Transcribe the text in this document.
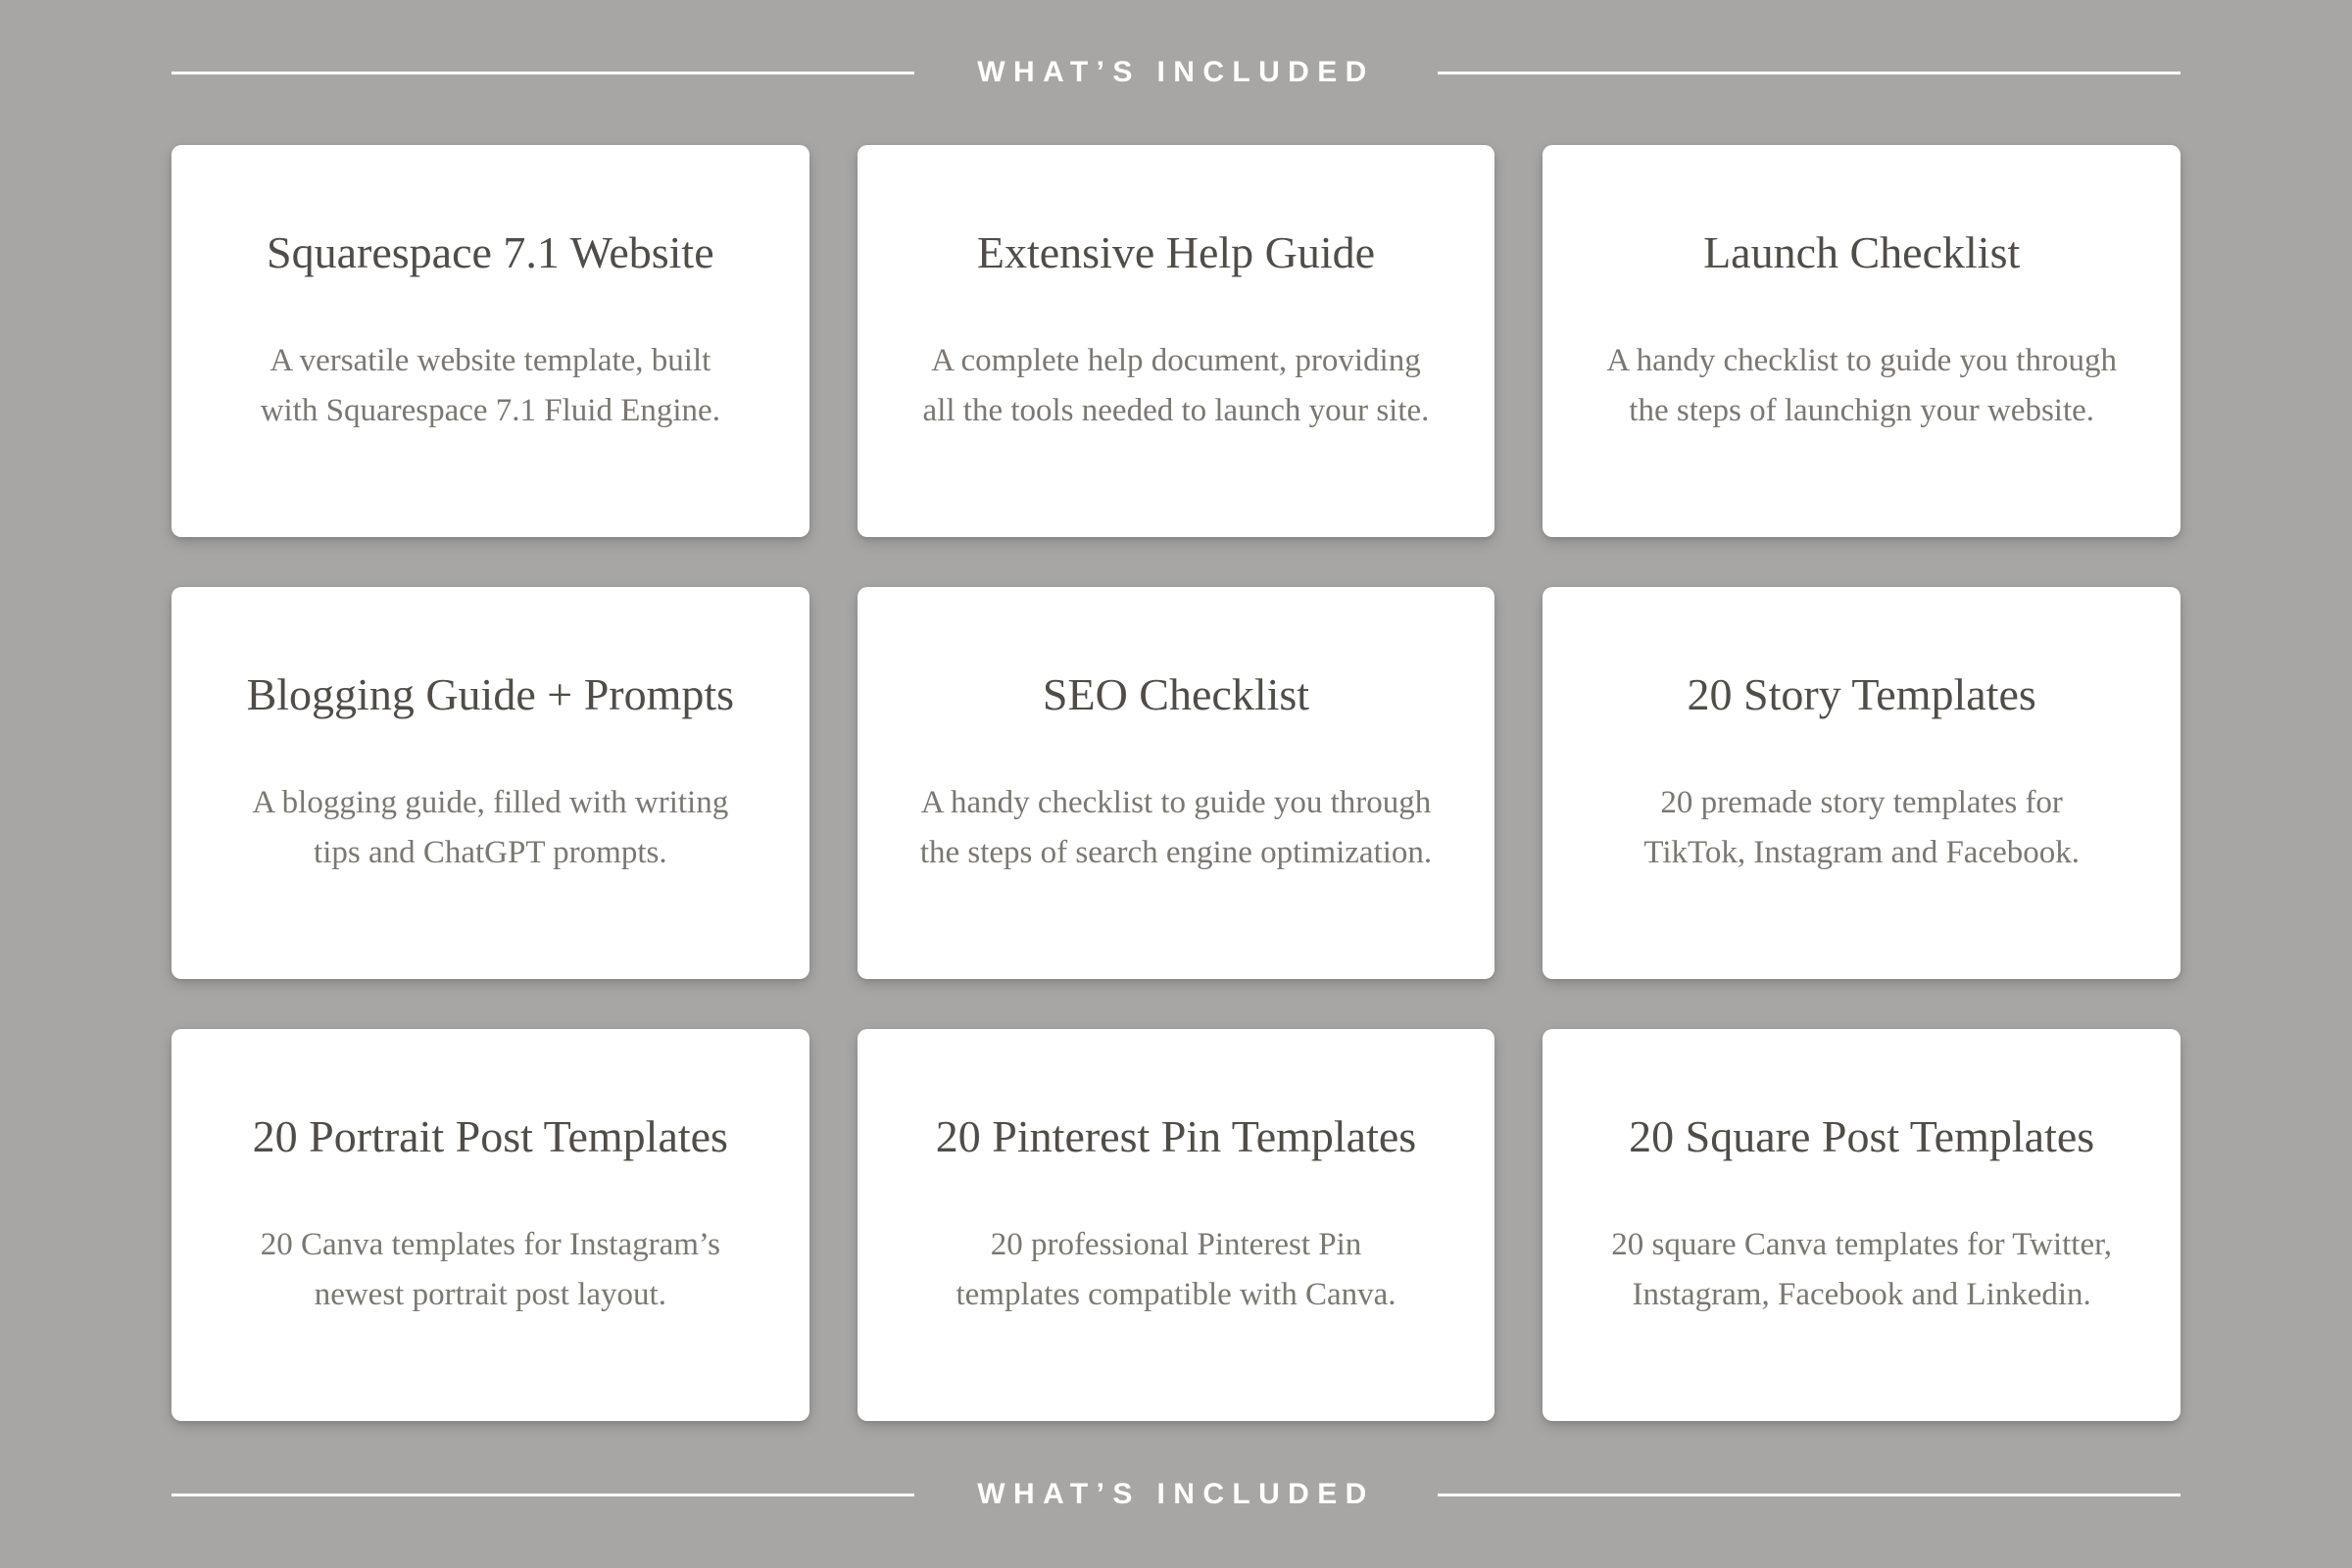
WHAT’S INCLUDED
Squarespace 7.1 Website

A versatile website template, built
with Squarespace 7.1 Fluid Engine.

Extensive Help Guide

A complete help document, providing
all the tools needed to launch your site.

Launch Checklist

A handy checklist to guide you through
the steps of launchign your website.

Blogging Guide + Prompts

A blogging guide, filled with writing
tips and ChatGPT prompts.

SEO Checklist

A handy checklist to guide you through
the steps of search engine optimization.

20 Story Templates

20 premade story templates for
TikTok, Instagram and Facebook.

20 Portrait Post Templates

20 Canva templates for Instagram’s
newest portrait post layout.

20 Pinterest Pin Templates

20 professional Pinterest Pin
templates compatible with Canva.

20 Square Post Templates

20 square Canva templates for Twitter,
Instagram, Facebook and Linkedin.

WHAT’S INCLUDED
